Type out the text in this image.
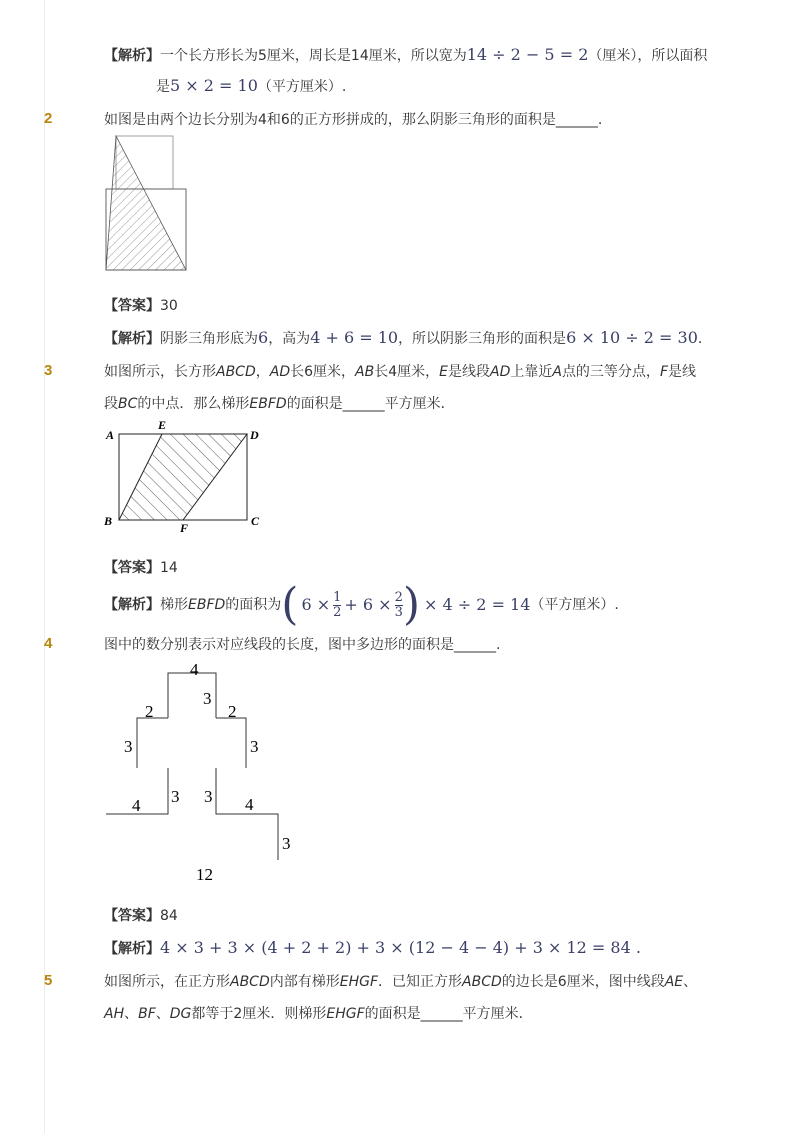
【解析】一个长方形长为5厘米，周长是14厘米，所以宽为14 ÷ 2 − 5 = 2（厘米），所以面积
是5 × 2 = 10（平方厘米）.
2	如图是由两个边长分别为4和6的正方形拼成的，那么阴影三角形的面积是______.
【答案】30
【解析】阴影三角形底为6，高为4 + 6 = 10，所以阴影三角形的面积是6 × 10 ÷ 2 = 30.
3	如图所示，长方形ABCD，AD长6厘米，AB长4厘米，E是线段AD上靠近A点的三等分点，F是线
段BC的中点．那么梯形EBFD的面积是______平方厘米．
A
E
D
B	F	C
【答案】14
【解析】 梯形 EBFD 的面积为 ( $6 \times \frac{1}{2} + 6 \times \frac{2}{3}$ ) × 4 ÷ 2 = 14 （平方厘米）.
4	图中的数分别表示对应线段的长度，图中多边形的面积是______.
4
3
2	2
3	3
3 3
4	4
3
12
【答案】84
【解析】4 × 3 + 3 × (4 + 2 + 2) + 3 × (12 − 4 − 4) + 3 × 12 = 84 .
5	如图所示，在正方形ABCD内部有梯形EHGF．已知正方形ABCD的边长是6厘米，图中线段AE、
AH、BF、DG都等于2厘米．则梯形EHGF的面积是______平方厘米．
